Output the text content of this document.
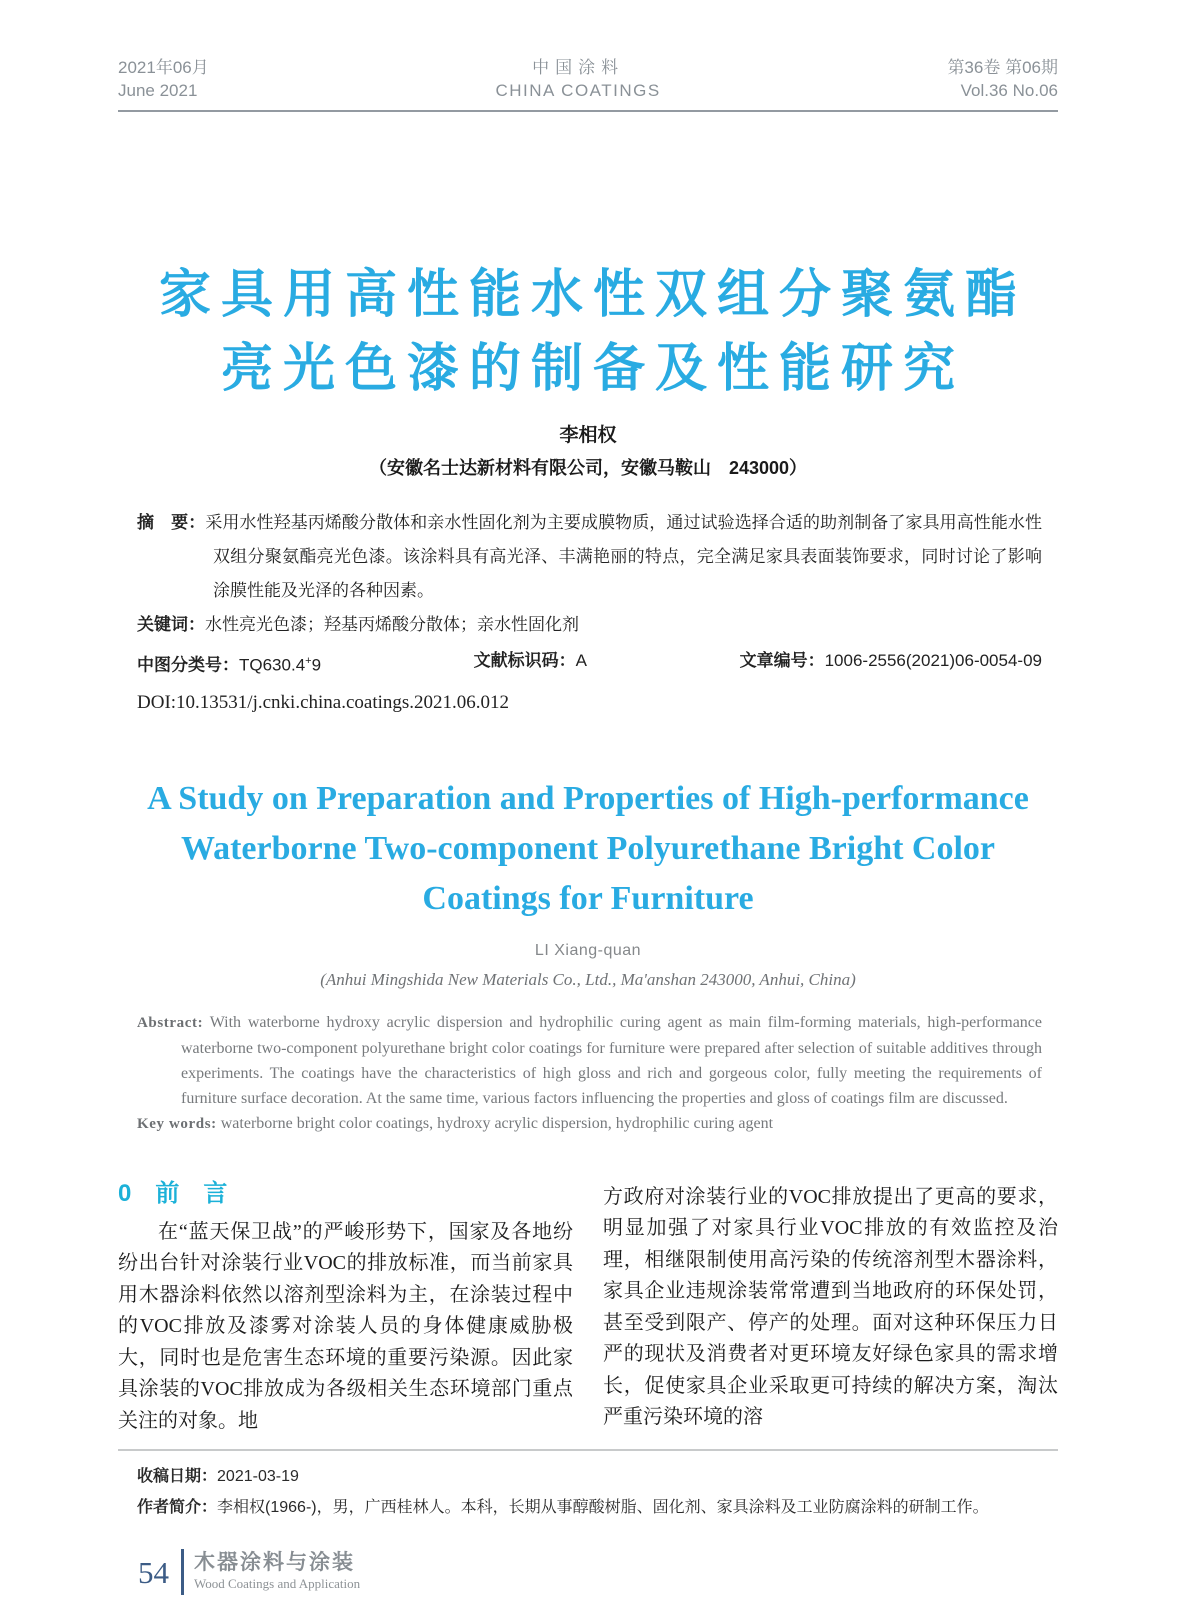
2021年06月
June 2021
中国涂料
CHINA COATINGS
第36卷 第06期
Vol.36 No.06
家具用高性能水性双组分聚氨酯
亮光色漆的制备及性能研究
李相权
（安徽名士达新材料有限公司，安徽马鞍山　243000）

摘　要：采用水性羟基丙烯酸分散体和亲水性固化剂为主要成膜物质，通过试验选择合适的助剂制备了家具用高性能水性双组分聚氨酯亮光色漆。该涂料具有高光泽、丰满艳丽的特点，完全满足家具表面装饰要求，同时讨论了影响涂膜性能及光泽的各种因素。

关键词：水性亮光色漆；羟基丙烯酸分散体；亲水性固化剂

中图分类号：TQ630.4+9	文献标识码：A	文章编号：1006-2556(2021)06-0054-09
DOI:10.13531/j.cnki.china.coatings.2021.06.012
A Study on Preparation and Properties of High-performance
Waterborne Two-component Polyurethane Bright Color
Coatings for Furniture
LI Xiang-quan
(Anhui Mingshida New Materials Co., Ltd., Ma'anshan 243000, Anhui, China)

Abstract: With waterborne hydroxy acrylic dispersion and hydrophilic curing agent as main film-forming materials, high-performance waterborne two-component polyurethane bright color coatings for furniture were prepared after selection of suitable additives through experiments. The coatings have the characteristics of high gloss and rich and gorgeous color, fully meeting the requirements of furniture surface decoration. At the same time, various factors influencing the properties and gloss of coatings film are discussed.

Key words: waterborne bright color coatings, hydroxy acrylic dispersion, hydrophilic curing agent

0　前　言

在“蓝天保卫战”的严峻形势下，国家及各地纷纷出台针对涂装行业VOC的排放标准，而当前家具用木器涂料依然以溶剂型涂料为主，在涂装过程中的VOC排放及漆雾对涂装人员的身体健康威胁极大，同时也是危害生态环境的重要污染源。因此家具涂装的VOC排放成为各级相关生态环境部门重点关注的对象。地

方政府对涂装行业的VOC排放提出了更高的要求，明显加强了对家具行业VOC排放的有效监控及治理，相继限制使用高污染的传统溶剂型木器涂料，家具企业违规涂装常常遭到当地政府的环保处罚，甚至受到限产、停产的处理。面对这种环保压力日严的现状及消费者对更环境友好绿色家具的需求增长，促使家具企业采取更可持续的解决方案，淘汰严重污染环境的溶

收稿日期：2021-03-19
作者简介：李相权(1966-)，男，广西桂林人。本科，长期从事醇酸树脂、固化剂、家具涂料及工业防腐涂料的研制工作。
54 木器涂料与涂装
Wood Coatings and Application
